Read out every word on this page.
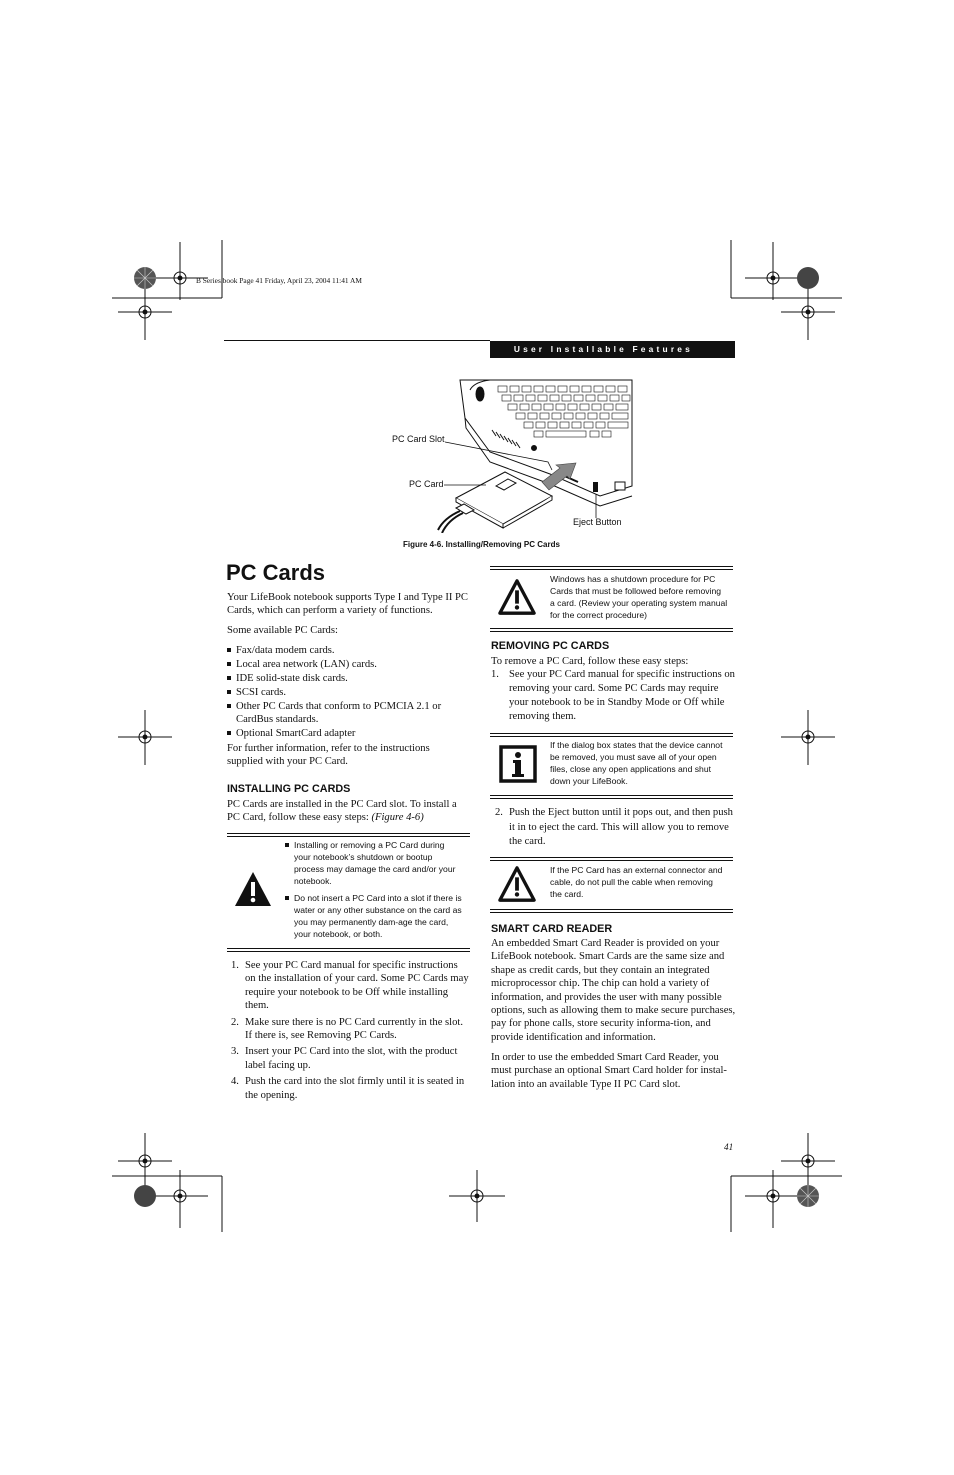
B Series.book Page 41 Friday, April 23, 2004 11:41 AM
User Installable Features
PC Card Slot
PC Card
Eject Button
Figure 4-6. Installing/Removing PC Cards
PC Cards
Your LifeBook notebook supports Type I and Type II PC Cards, which can perform a variety of functions.
Some available PC Cards:
Fax/data modem cards.
Local area network (LAN) cards.
IDE solid-state disk cards.
SCSI cards.
Other PC Cards that conform to PCMCIA 2.1 or CardBus standards.
Optional SmartCard adapter
For further information, refer to the instructions supplied with your PC Card.
INSTALLING PC CARDS
PC Cards are installed in the PC Card slot. To install a PC Card, follow these easy steps: (Figure 4-6)
Installing or removing a PC Card during your notebook’s shutdown or bootup process may damage the card and/or your notebook.
Do not insert a PC Card into a slot if there is water or any other substance on the card as you may permanently dam-age the card, your notebook, or both.
1. See your PC Card manual for specific instructions on the installation of your card. Some PC Cards may require your notebook to be Off while installing them.
2. Make sure there is no PC Card currently in the slot. If there is, see Removing PC Cards.
3. Insert your PC Card into the slot, with the product label facing up.
4. Push the card into the slot firmly until it is seated in the opening.
Windows has a shutdown procedure for PC Cards that must be followed before removing a card. (Review your operating system manual for the correct procedure)
REMOVING PC CARDS
To remove a PC Card, follow these easy steps:
1. See your PC Card manual for specific instructions on removing your card. Some PC Cards may require your notebook to be in Standby Mode or Off while removing them.
If the dialog box states that the device cannot be removed, you must save all of your open files, close any open applications and shut down your LifeBook.
2. Push the Eject button until it pops out, and then push it in to eject the card. This will allow you to remove the card.
If the PC Card has an external connector and cable, do not pull the cable when removing the card.
SMART CARD READER
An embedded Smart Card Reader is provided on your LifeBook notebook. Smart Cards are the same size and shape as credit cards, but they contain an integrated microprocessor chip. The chip can hold a variety of information, and provides the user with many possible options, such as allowing them to make secure purchases, pay for phone calls, store security informa-tion, and provide identification and information.
In order to use the embedded Smart Card Reader, you must purchase an optional Smart Card holder for instal-lation into an available Type II PC Card slot.
41
